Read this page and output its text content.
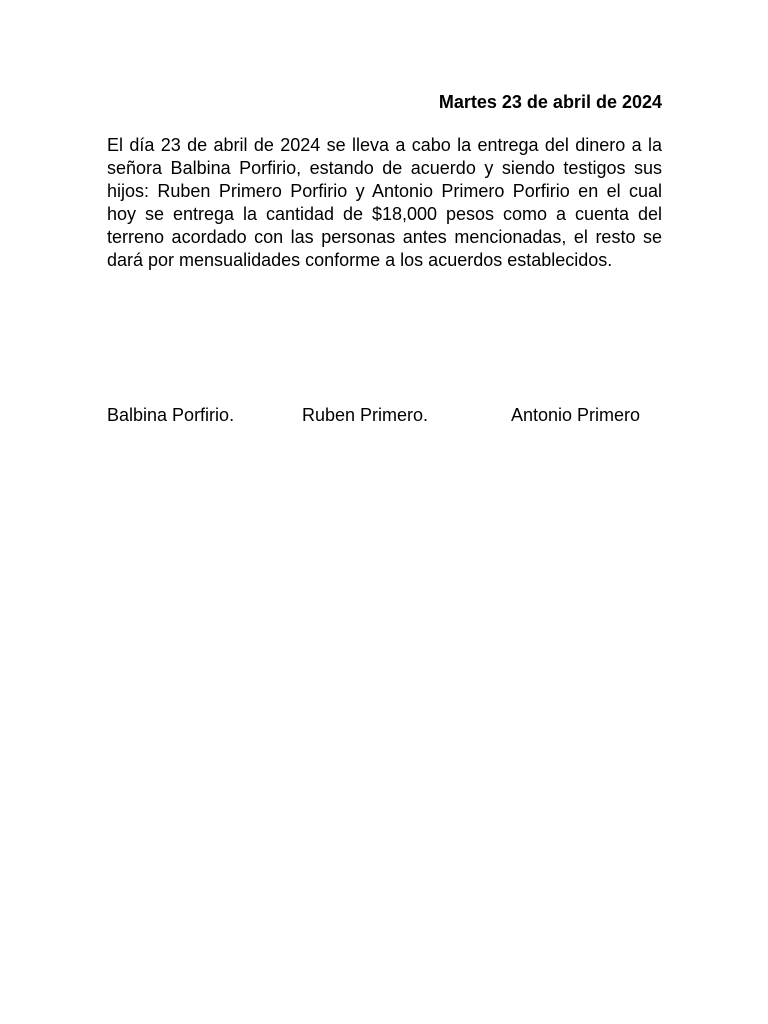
Martes 23 de abril de 2024

El día 23 de abril de 2024 se lleva a cabo la entrega del dinero a la señora Balbina Porfirio, estando de acuerdo y siendo testigos sus hijos: Ruben Primero Porfirio y Antonio Primero Porfirio en el cual hoy se entrega la cantidad de $18,000 pesos como a cuenta del terreno acordado con las personas antes mencionadas, el resto se dará por mensualidades conforme a los acuerdos establecidos.

Balbina Porfirio.	Ruben Primero.	Antonio Primero
